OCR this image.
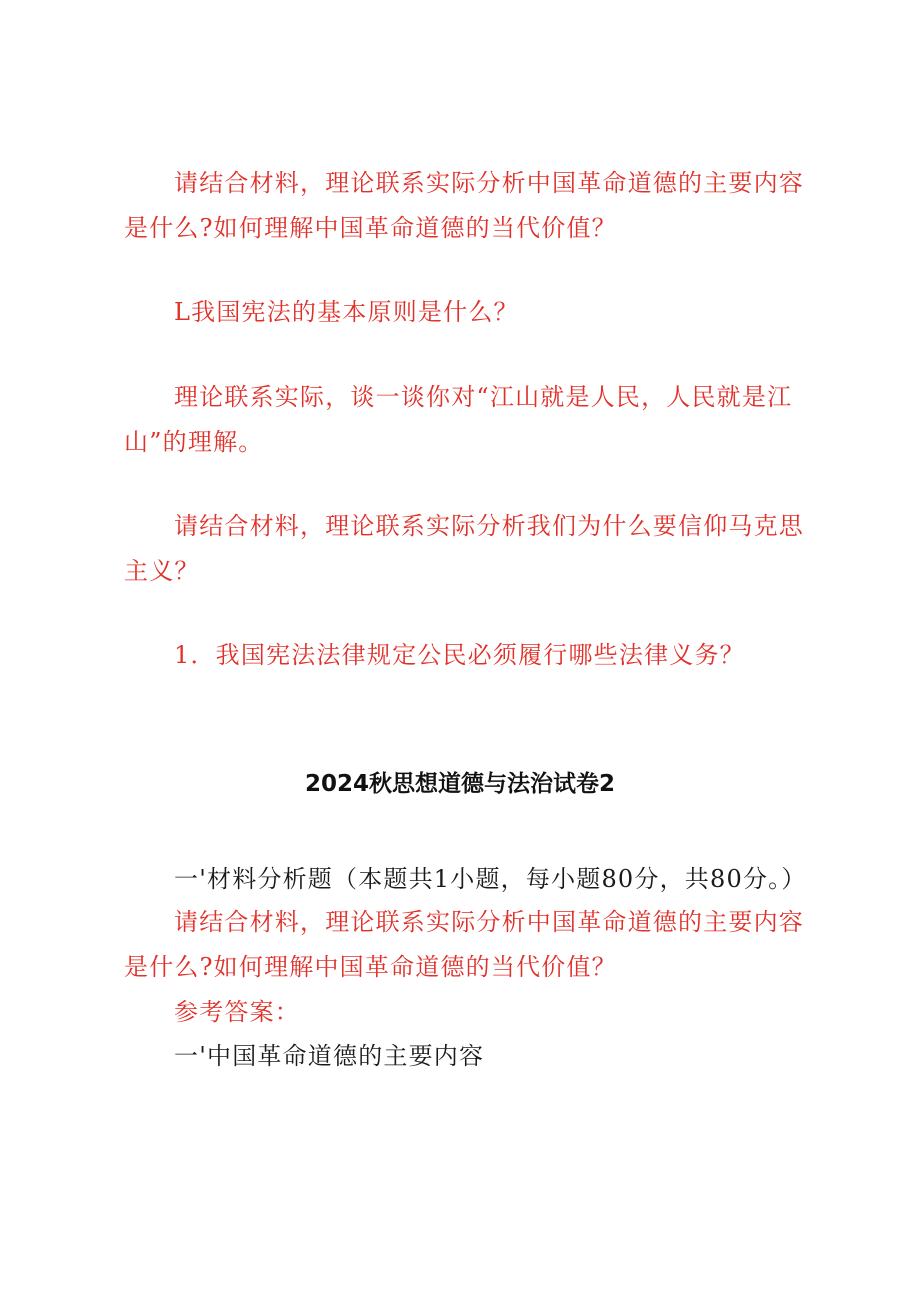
请结合材料，理论联系实际分析中国革命道德的主要内容
是什么?如何理解中国革命道德的当代价值？
L我国宪法的基本原则是什么？
理论联系实际，谈一谈你对“江山就是人民，人民就是江
山”的理解。
请结合材料，理论联系实际分析我们为什么要信仰马克思
主义？
1．我国宪法法律规定公民必须履行哪些法律义务？
2024秋思想道德与法治试卷2
一'材料分析题（本题共1小题，每小题80分，共80分。）
请结合材料，理论联系实际分析中国革命道德的主要内容
是什么?如何理解中国革命道德的当代价值？
参考答案：
一'中国革命道德的主要内容
